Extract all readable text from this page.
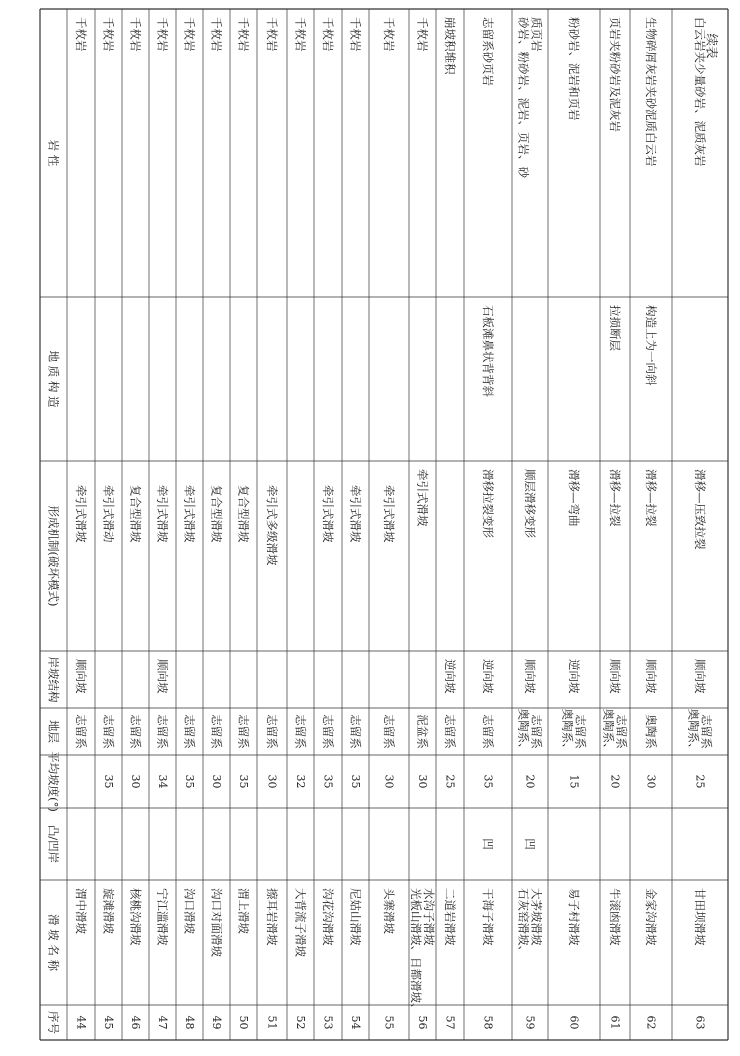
续表
序号
滑 坡 名 称
凸/凹岸
平均坡度(°)
地层
岸坡结构
形成机制(破坏模式)
地 质 构 造
岩 性
44
渭中滑坡
志留系
顺向坡
牵引式滑坡
千枚岩
45
旋滩滑坡
35
志留系
牵引式滑动
千枚岩
46
核桃沟滑坡
30
志留系
复合型滑坡
千枚岩
47
宁江滥滑坡
34
志留系
顺向坡
牵引式滑坡
千枚岩
48
沟口滑坡
35
志留系
牵引式滑坡
千枚岩
49
沟口对面滑坡
30
志留系
复合型滑坡
千枚岩
50
渭上滑坡
35
志留系
复合型滑坡
千枚岩
51
擦耳岩滑坡
30
志留系
牵引式多级滑坡
千枚岩
52
大背流子滑坡
32
志留系
千枚岩
53
沟花沟滑坡
35
志留系
牵引式滑坡
千枚岩
54
尼姑山滑坡
35
志留系
牵引式滑坡
千枚岩
55
头寨滑坡
30
志留系
牵引式滑坡
千枚岩
56
光板山滑坡、日都滑坡、 水沟子滑坡
30
泥盆系
牵引式滑坡
千枚岩
57
二道岩滑坡
25
志留系
逆向坡
崩坡积堆积
58
干海子滑坡
凹
35
志留系
逆向坡
滑移拉裂变形
石板滩鼻状背背斜
志留系砂页岩
59
石灰窑滑坡、 大茅坡滑坡
凹
20
奥陶系、 志留系
顺向坡
顺层滑移变形
砂岩、粉砂岩、泥岩、页岩、砂 质页岩
60
易子村滑坡
15
奥陶系、 志留系
逆向坡
滑移—弯曲
粉砂岩、泥岩和页岩
61
牛滚凼滑坡
20
奥陶系、 志留系
顺向坡
滑移—拉裂
拉损断层
页岩夹粉砂岩及泥灰岩
62
金家沟滑坡
30
奥陶系
顺向坡
滑移—拉裂
构造上为一向斜
生物碎屑灰岩夹砂泥质白云岩
63
甘田坝滑坡
25
奥陶系、 志留系
顺向坡
滑移—压致拉裂
白云岩夹少量砂岩、泥质灰岩
